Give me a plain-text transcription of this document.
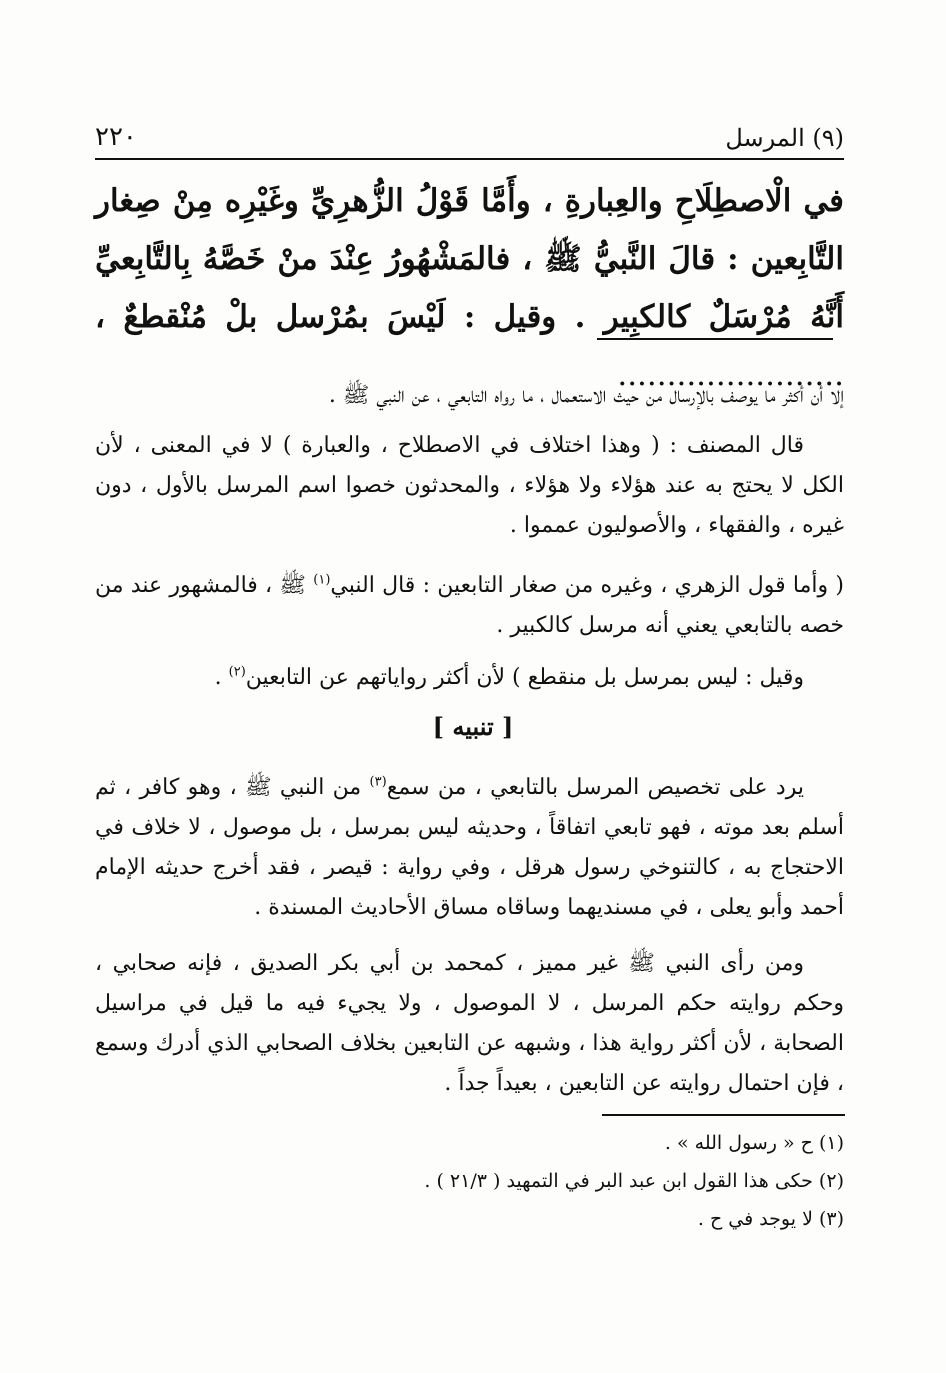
٢٢٠	(٩) المرسل
في الْاصطِلَاحِ والعِبارةِ ، وأَمَّا قَوْلُ الزُّهرِيِّ وغَيْرِه مِنْ صِغار التَّابِعين : قالَ النَّبيُّ ﷺ ، فالمَشْهُورُ عِنْدَ منْ خَصَّهُ بِالتَّابِعيِّ أَنَّهُ مُرْسَلٌ كالكبِير . وقيل : لَيْسَ بمُرْسل بلْ مُنْقطعٌ ، .......................
إلا أن أكثر ما يوصف بالإرسال من حيث الاستعمال ، ما رواه التابعي ، عن النبي ﷺ .
قال المصنف : ( وهذا اختلاف في الاصطلاح ، والعبارة ) لا في المعنى ، لأن الكل لا يحتج به عند هؤلاء ولا هؤلاء ، والمحدثون خصوا اسم المرسل بالأول ، دون غيره ، والفقهاء ، والأصوليون عمموا .
( وأما قول الزهري ، وغيره من صغار التابعين : قال النبي$^{(١)}$ ﷺ ، فالمشهور عند من خصه بالتابعي يعني أنه مرسل كالكبير .
وقيل : ليس بمرسل بل منقطع ) لأن أكثر رواياتهم عن التابعين$^{(٢)}$ .
[ تنبيه ]
يرد على تخصيص المرسل بالتابعي ، من سمع$^{(٣)}$ من النبي ﷺ ، وهو كافر ، ثم أسلم بعد موته ، فهو تابعي اتفاقاً ، وحديثه ليس بمرسل ، بل موصول ، لا خلاف في الاحتجاج به ، كالتنوخي رسول هرقل ، وفي رواية : قيصر ، فقد أخرج حديثه الإمام أحمد وأبو يعلى ، في مسنديهما وساقاه مساق الأحاديث المسندة .
ومن رأى النبي ﷺ غير مميز ، كمحمد بن أبي بكر الصديق ، فإنه صحابي ، وحكم روايته حكم المرسل ، لا الموصول ، ولا يجيء فيه ما قيل في مراسيل الصحابة ، لأن أكثر رواية هذا ، وشبهه عن التابعين بخلاف الصحابي الذي أدرك وسمع ، فإن احتمال روايته عن التابعين ، بعيداً جداً .
(١) ح « رسول الله » .
(٢) حكى هذا القول ابن عبد البر في التمهيد ( ٢١/٣ ) .
(٣) لا يوجد في ح .
